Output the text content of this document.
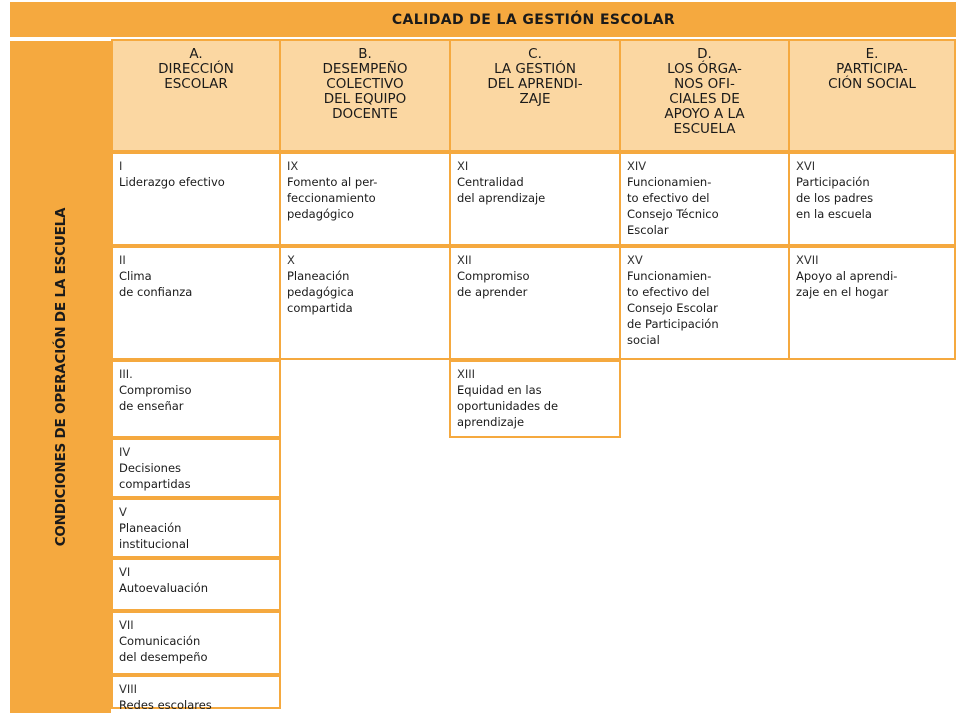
CALIDAD DE LA GESTIÓN ESCOLAR
CONDICIONES DE OPERACIÓN DE LA ESCUELA
A.
DIRECCIÓN
ESCOLAR
I
Liderazgo efectivo
II
Clima
de confianza
III.
Compromiso
de enseñar
IV
Decisiones
compartidas
V
Planeación
institucional
VI
Autoevaluación
VII
Comunicación
del desempeño
VIII
Redes escolares
B.
DESEMPEÑO
COLECTIVO
DEL EQUIPO
DOCENTE
IX
Fomento al per-
feccionamiento
pedagógico
X
Planeación
pedagógica
compartida
C.
LA GESTIÓN
DEL APRENDI-
ZAJE
XI
Centralidad
del aprendizaje
XII
Compromiso
de aprender
XIII
Equidad en las
oportunidades de
aprendizaje
D.
LOS ÓRGA-
NOS OFI-
CIALES DE
APOYO A LA
ESCUELA
XIV
Funcionamien-
to efectivo del
Consejo Técnico
Escolar
XV
Funcionamien-
to efectivo del
Consejo Escolar
de Participación
social
E.
PARTICIPA-
CIÓN SOCIAL
XVI
Participación
de los padres
en la escuela
XVII
Apoyo al aprendi-
zaje en el hogar
